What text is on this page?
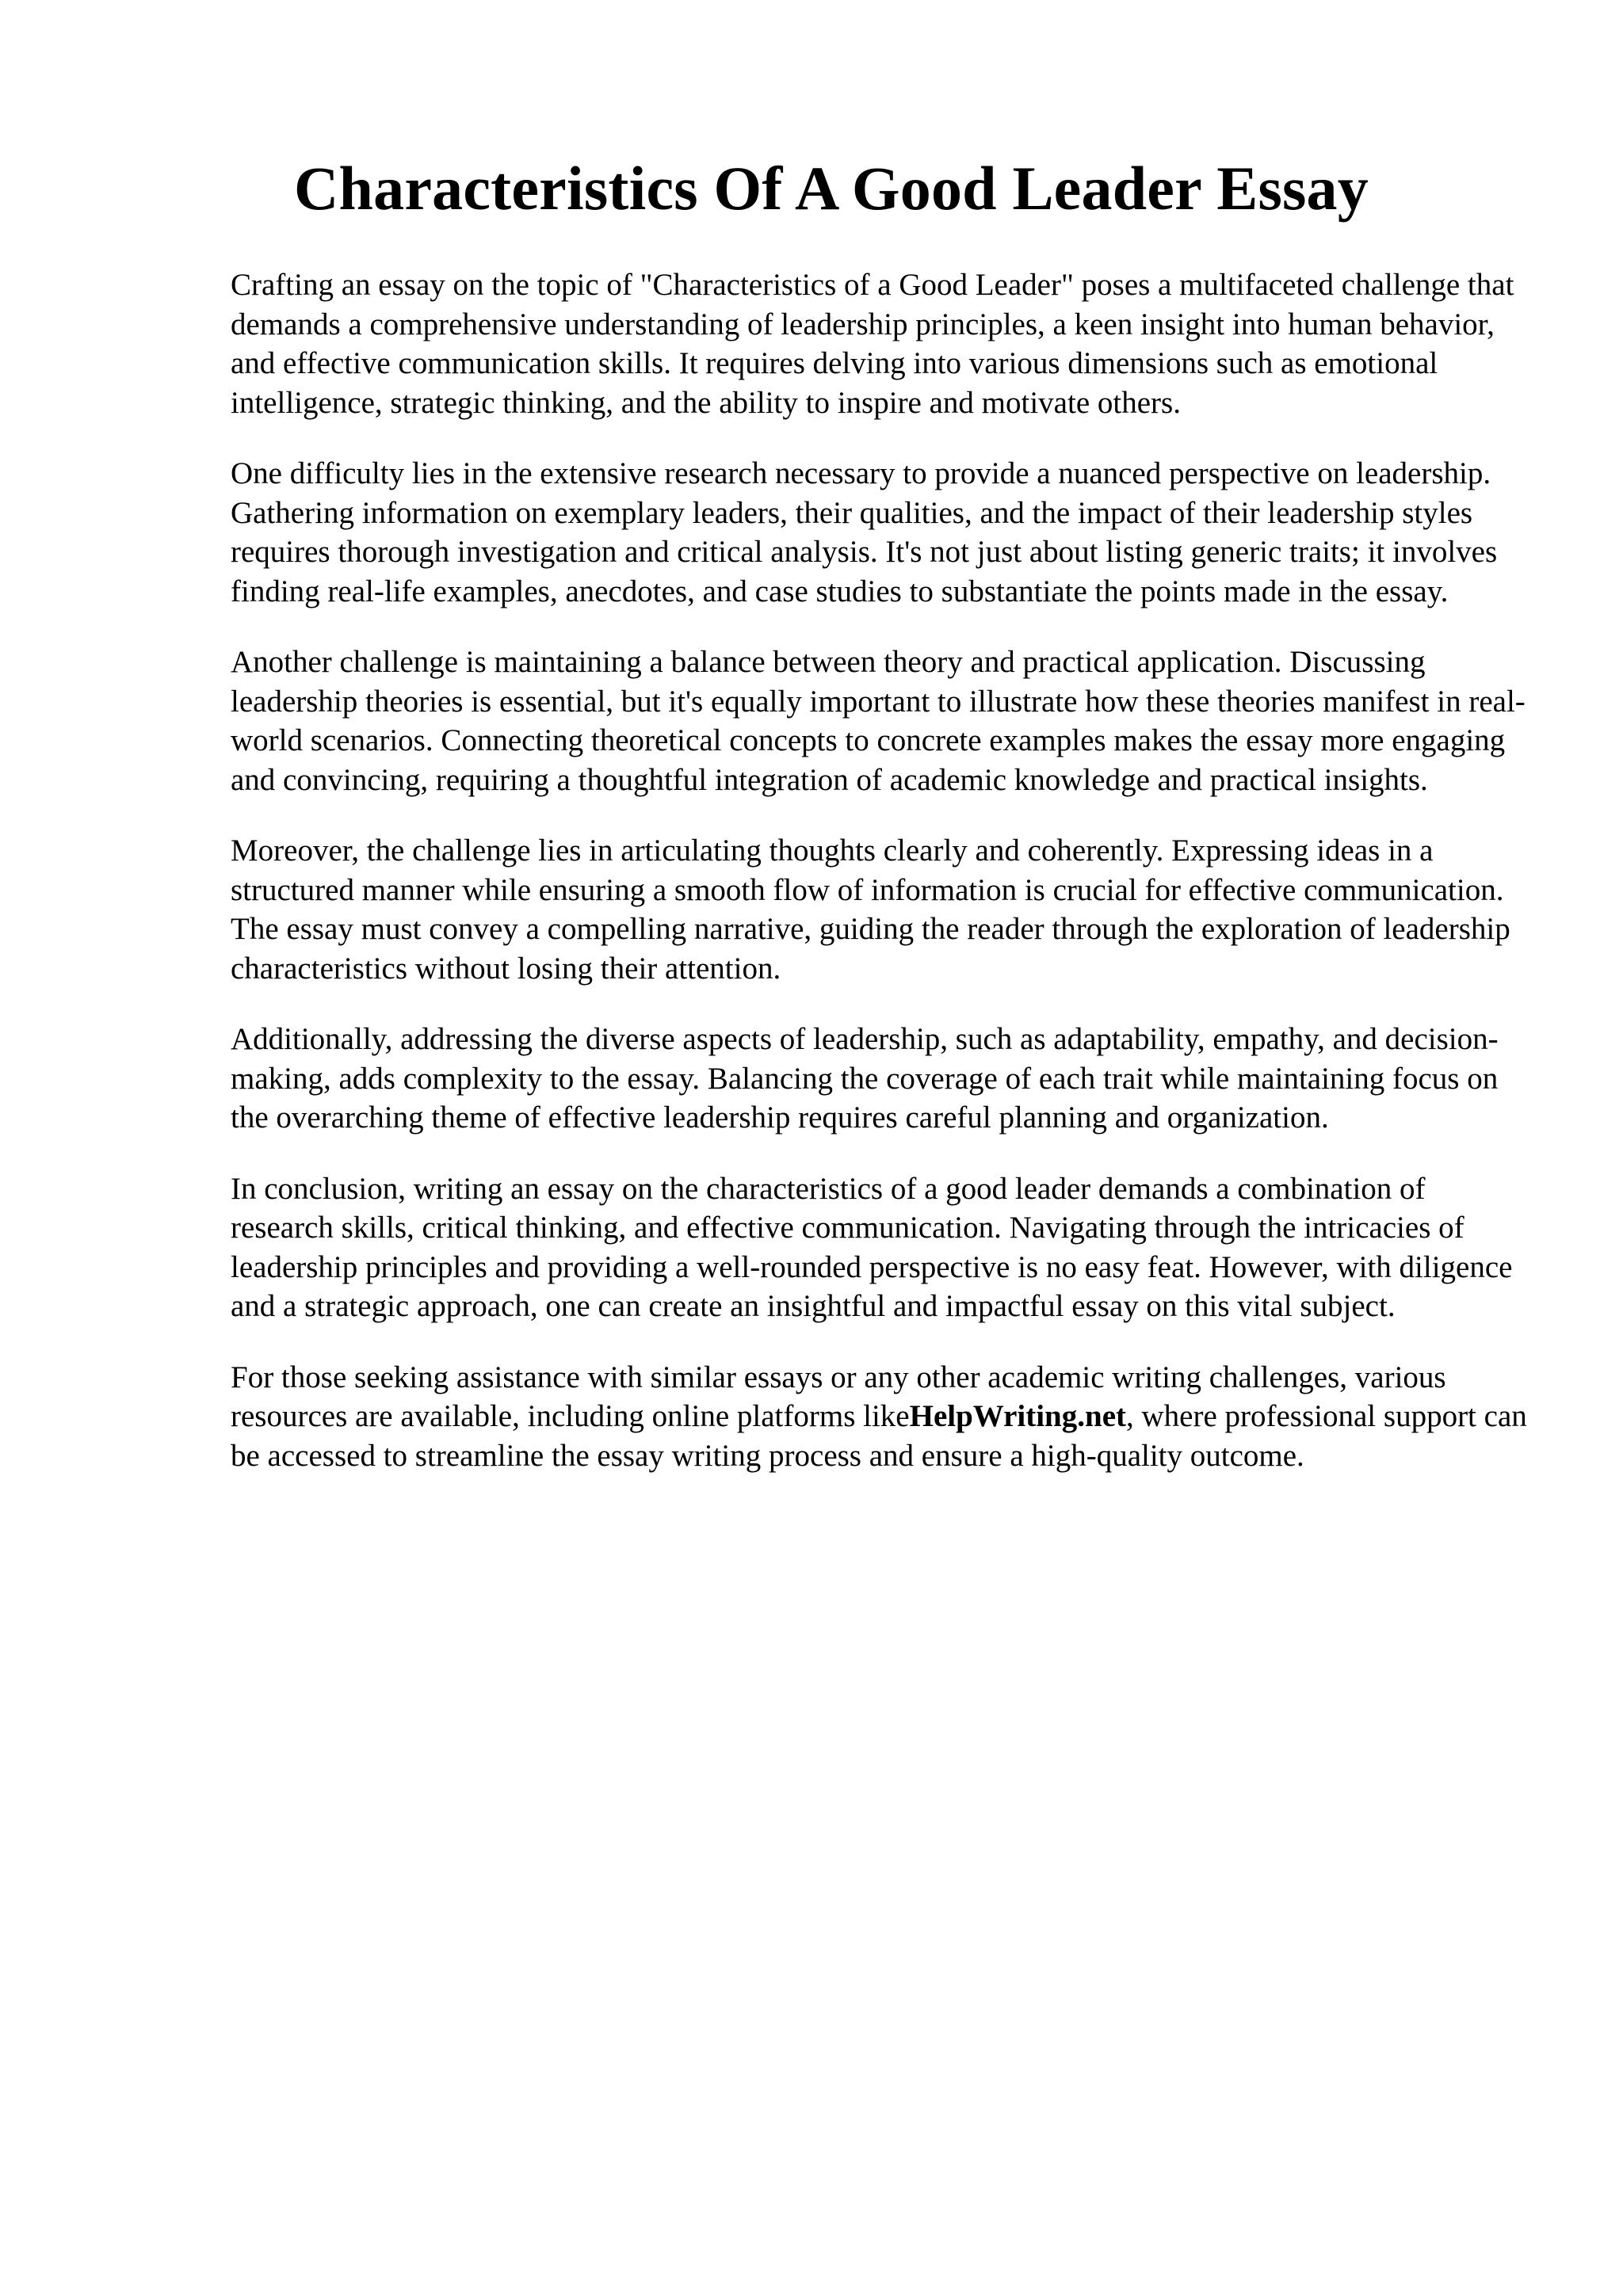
Characteristics Of A Good Leader Essay

Crafting an essay on the topic of "Characteristics of a Good Leader" poses a multifaceted challenge that demands a comprehensive understanding of leadership principles, a keen insight into human behavior, and effective communication skills. It requires delving into various dimensions such as emotional intelligence, strategic thinking, and the ability to inspire and motivate others.

One difficulty lies in the extensive research necessary to provide a nuanced perspective on leadership. Gathering information on exemplary leaders, their qualities, and the impact of their leadership styles requires thorough investigation and critical analysis. It's not just about listing generic traits; it involves finding real-life examples, anecdotes, and case studies to substantiate the points made in the essay.

Another challenge is maintaining a balance between theory and practical application. Discussing leadership theories is essential, but it's equally important to illustrate how these theories manifest in real-world scenarios. Connecting theoretical concepts to concrete examples makes the essay more engaging and convincing, requiring a thoughtful integration of academic knowledge and practical insights.

Moreover, the challenge lies in articulating thoughts clearly and coherently. Expressing ideas in a structured manner while ensuring a smooth flow of information is crucial for effective communication. The essay must convey a compelling narrative, guiding the reader through the exploration of leadership characteristics without losing their attention.

Additionally, addressing the diverse aspects of leadership, such as adaptability, empathy, and decision-making, adds complexity to the essay. Balancing the coverage of each trait while maintaining focus on the overarching theme of effective leadership requires careful planning and organization.

In conclusion, writing an essay on the characteristics of a good leader demands a combination of research skills, critical thinking, and effective communication. Navigating through the intricacies of leadership principles and providing a well-rounded perspective is no easy feat. However, with diligence and a strategic approach, one can create an insightful and impactful essay on this vital subject.

For those seeking assistance with similar essays or any other academic writing challenges, various resources are available, including online platforms likeHelpWriting.net, where professional support can be accessed to streamline the essay writing process and ensure a high-quality outcome.
